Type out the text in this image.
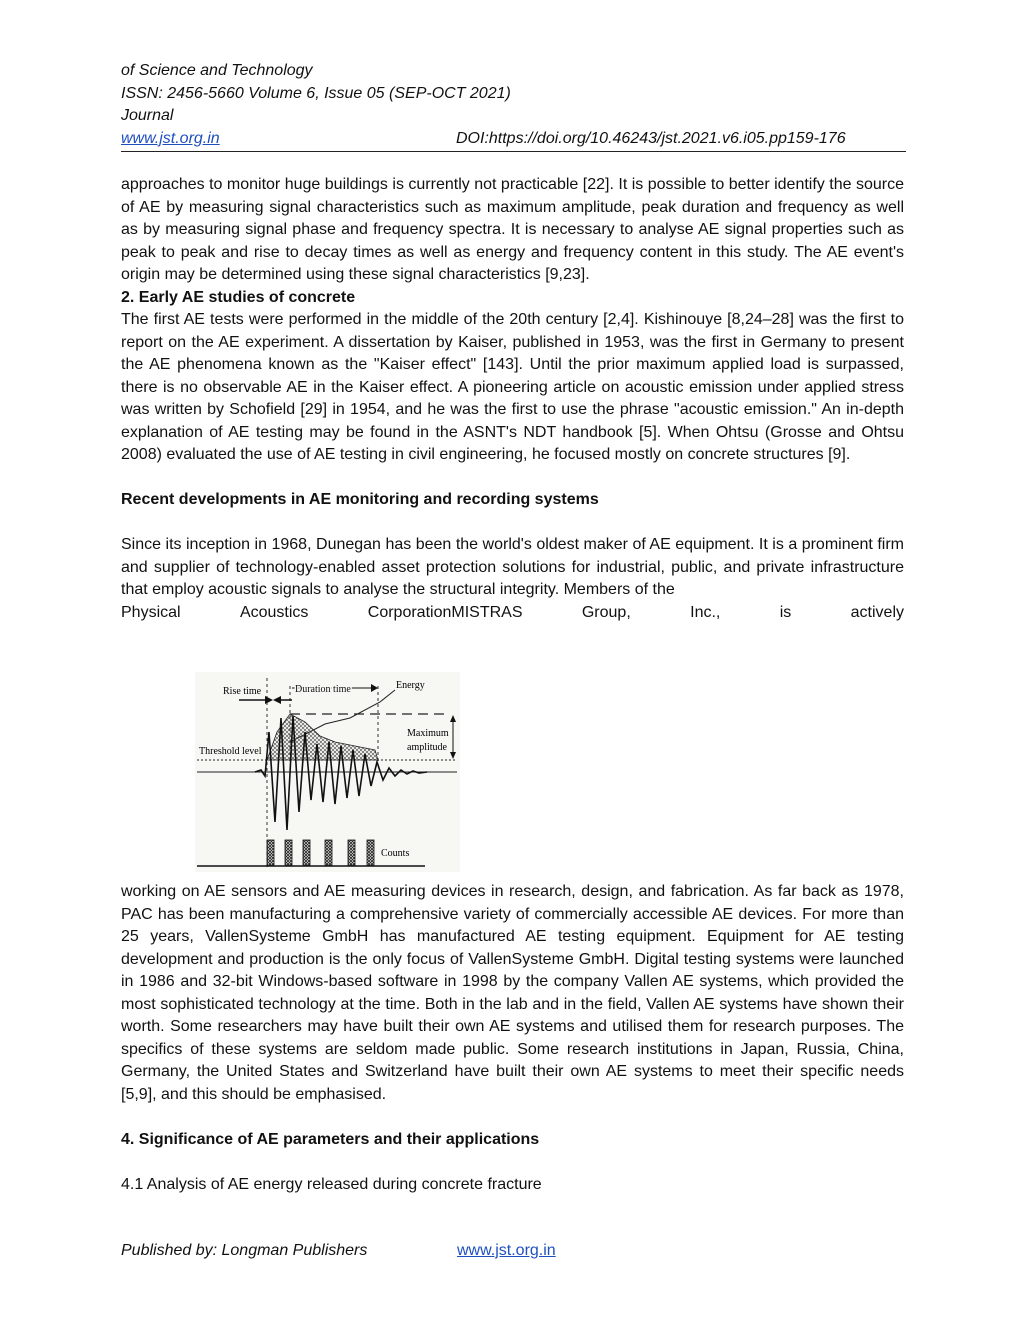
of Science and Technology
ISSN: 2456-5660 Volume 6, Issue 05 (SEP-OCT 2021)
Journal
www.jst.org.in	DOI:https://doi.org/10.46243/jst.2021.v6.i05.pp159-176

approaches to monitor huge buildings is currently not practicable [22]. It is possible to better identify the source of AE by measuring signal characteristics such as maximum amplitude, peak duration and frequency as well as by measuring signal phase and frequency spectra. It is necessary to analyse AE signal properties such as peak to peak and rise to decay times as well as energy and frequency content in this study. The AE event's origin may be determined using these signal characteristics [9,23].

2. Early AE studies of concrete

The first AE tests were performed in the middle of the 20th century [2,4]. Kishinouye [8,24–28] was the first to report on the AE experiment. A dissertation by Kaiser, published in 1953, was the first in Germany to present the AE phenomena known as the "Kaiser effect" [143]. Until the prior maximum applied load is surpassed, there is no observable AE in the Kaiser effect. A pioneering article on acoustic emission under applied stress was written by Schofield [29] in 1954, and he was the first to use the phrase "acoustic emission." An in-depth explanation of AE testing may be found in the ASNT's NDT handbook [5]. When Ohtsu (Grosse and Ohtsu 2008) evaluated the use of AE testing in civil engineering, he focused mostly on concrete structures [9].

Recent developments in AE monitoring and recording systems

Since its inception in 1968, Dunegan has been the world's oldest maker of AE equipment. It is a prominent firm and supplier of technology-enabled asset protection solutions for industrial, public, and private infrastructure that employ acoustic signals to analyse the structural integrity. Members of the

Physical	Acoustics	CorporationMISTRAS	Group,	Inc.,	is	actively
Rise time	Duration time	Energy
Maximum
amplitude
Threshold level
Counts

working on AE sensors and AE measuring devices in research, design, and fabrication. As far back as 1978, PAC has been manufacturing a comprehensive variety of commercially accessible AE devices. For more than 25 years, VallenSysteme GmbH has manufactured AE testing equipment. Equipment for AE testing development and production is the only focus of VallenSysteme GmbH. Digital testing systems were launched in 1986 and 32-bit Windows-based software in 1998 by the company Vallen AE systems, which provided the most sophisticated technology at the time. Both in the lab and in the field, Vallen AE systems have shown their worth. Some researchers may have built their own AE systems and utilised them for research purposes. The specifics of these systems are seldom made public. Some research institutions in Japan, Russia, China, Germany, the United States and Switzerland have built their own AE systems to meet their specific needs [5,9], and this should be emphasised.

4. Significance of AE parameters and their applications

4.1 Analysis of AE energy released during concrete fracture

Published by: Longman Publishers	www.jst.org.in
